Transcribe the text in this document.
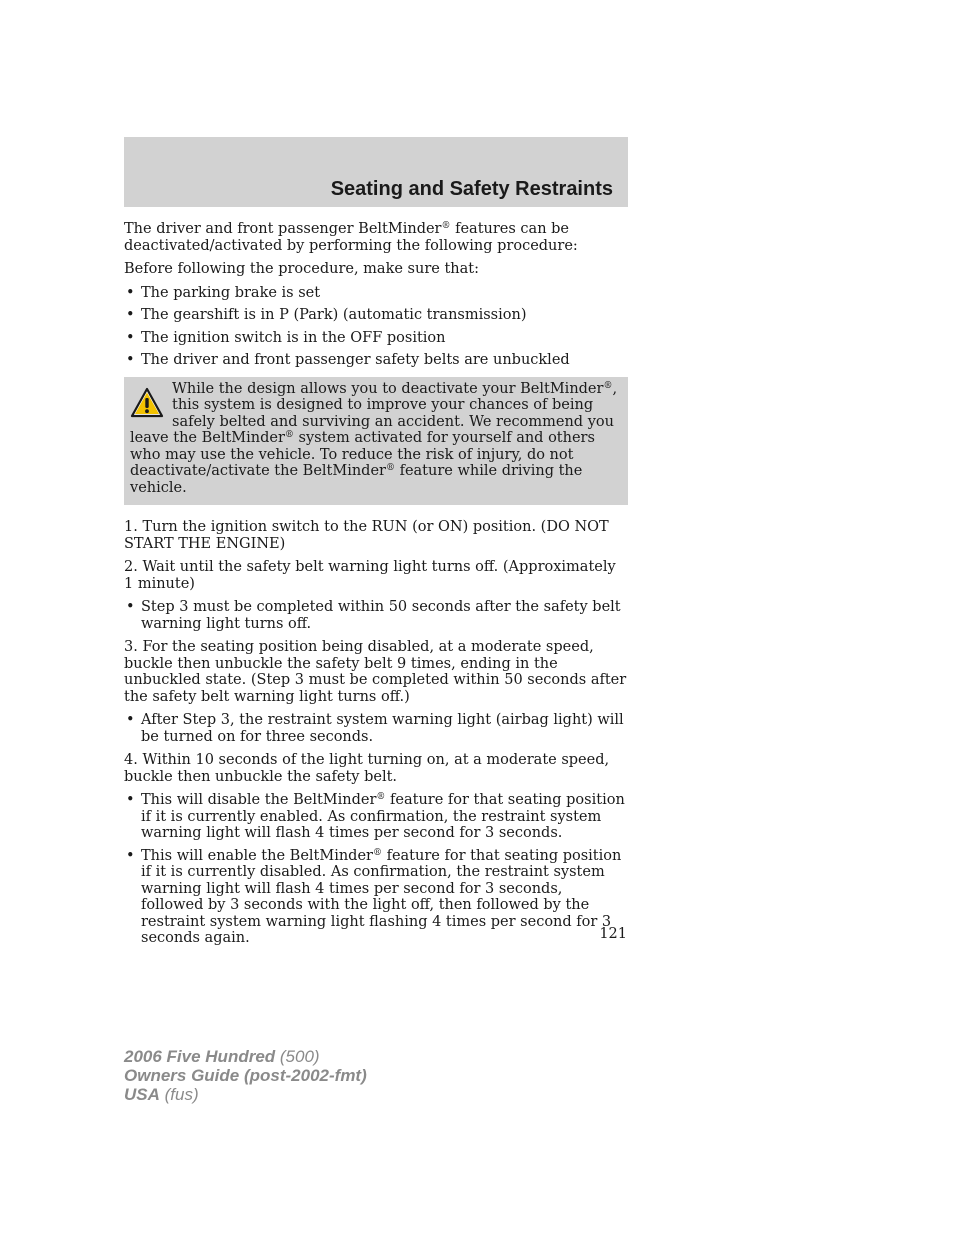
Seating and Safety Restraints

The driver and front passenger BeltMinder® features can be deactivated/activated by performing the following procedure:

Before following the procedure, make sure that:

• The parking brake is set
• The gearshift is in P (Park) (automatic transmission)
• The ignition switch is in the OFF position
• The driver and front passenger safety belts are unbuckled

While the design allows you to deactivate your BeltMinder®, this system is designed to improve your chances of being safely belted and surviving an accident. We recommend you leave the BeltMinder® system activated for yourself and others who may use the vehicle. To reduce the risk of injury, do not deactivate/activate the BeltMinder® feature while driving the vehicle.

1. Turn the ignition switch to the RUN (or ON) position. (DO NOT START THE ENGINE)

2. Wait until the safety belt warning light turns off. (Approximately 1 minute)

• Step 3 must be completed within 50 seconds after the safety belt warning light turns off.

3. For the seating position being disabled, at a moderate speed, buckle then unbuckle the safety belt 9 times, ending in the unbuckled state. (Step 3 must be completed within 50 seconds after the safety belt warning light turns off.)

• After Step 3, the restraint system warning light (airbag light) will be turned on for three seconds.

4. Within 10 seconds of the light turning on, at a moderate speed, buckle then unbuckle the safety belt.

• This will disable the BeltMinder® feature for that seating position if it is currently enabled. As confirmation, the restraint system warning light will flash 4 times per second for 3 seconds.
• This will enable the BeltMinder® feature for that seating position if it is currently disabled. As confirmation, the restraint system warning light will flash 4 times per second for 3 seconds, followed by 3 seconds with the light off, then followed by the restraint system warning light flashing 4 times per second for 3 seconds again.	121
2006 Five Hundred (500)
Owners Guide (post-2002-fmt)
USA (fus)
